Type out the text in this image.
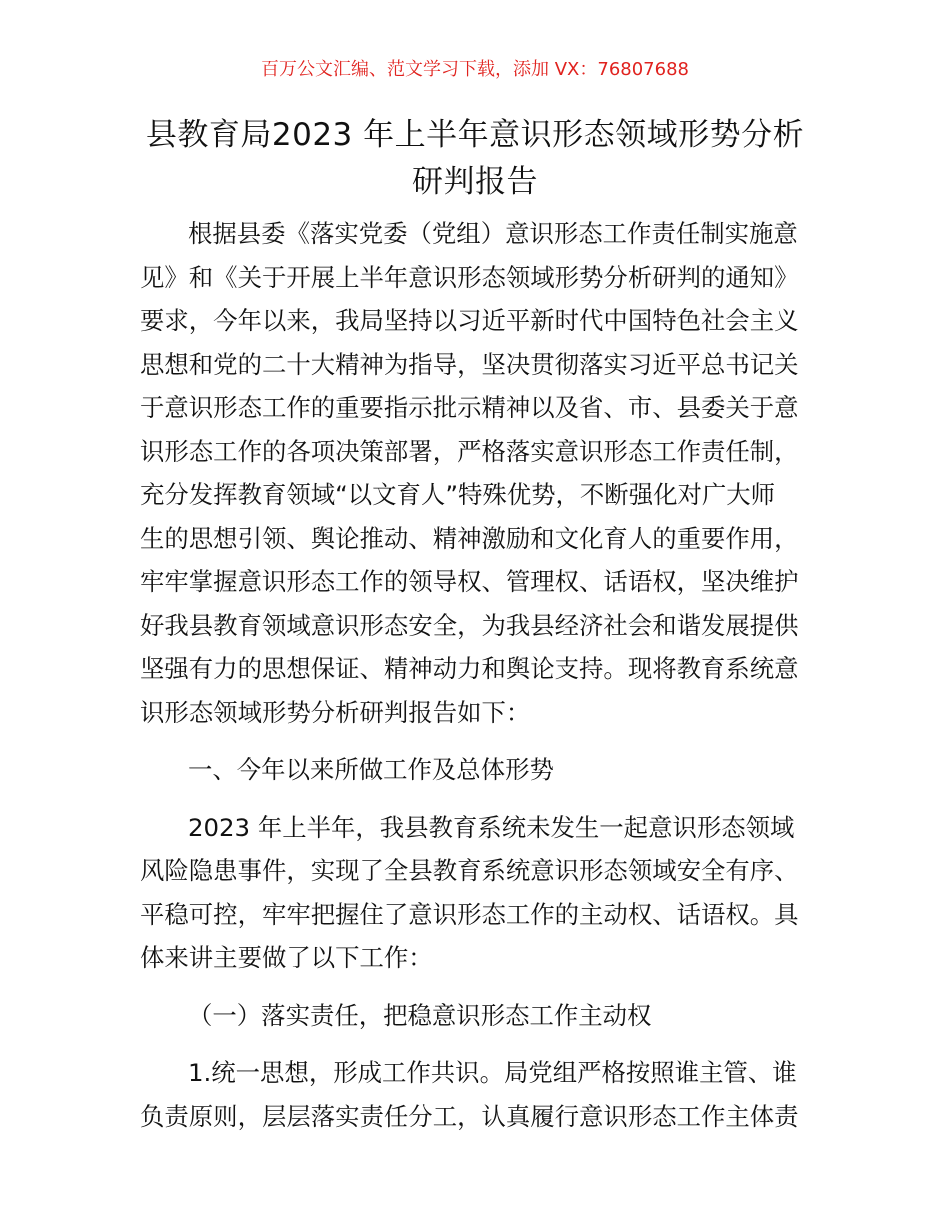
百万公文汇编、范文学习下载，添加 VX：76807688
县教育局2023 年上半年意识形态领域形势分析
研判报告
根据县委《落实党委（党组）意识形态工作责任制实施意
见》和《关于开展上半年意识形态领域形势分析研判的通知》
要求，今年以来，我局坚持以习近平新时代中国特色社会主义
思想和党的二十大精神为指导，坚决贯彻落实习近平总书记关
于意识形态工作的重要指示批示精神以及省、市、县委关于意
识形态工作的各项决策部署，严格落实意识形态工作责任制，
充分发挥教育领域“以文育人”特殊优势，不断强化对广大师
生的思想引领、舆论推动、精神激励和文化育人的重要作用，
牢牢掌握意识形态工作的领导权、管理权、话语权，坚决维护
好我县教育领域意识形态安全，为我县经济社会和谐发展提供
坚强有力的思想保证、精神动力和舆论支持。现将教育系统意
识形态领域形势分析研判报告如下：
一、今年以来所做工作及总体形势
2023 年上半年，我县教育系统未发生一起意识形态领域
风险隐患事件，实现了全县教育系统意识形态领域安全有序、
平稳可控，牢牢把握住了意识形态工作的主动权、话语权。具
体来讲主要做了以下工作：
（一）落实责任，把稳意识形态工作主动权
1.统一思想，形成工作共识。局党组严格按照谁主管、谁
负责原则，层层落实责任分工，认真履行意识形态工作主体责
